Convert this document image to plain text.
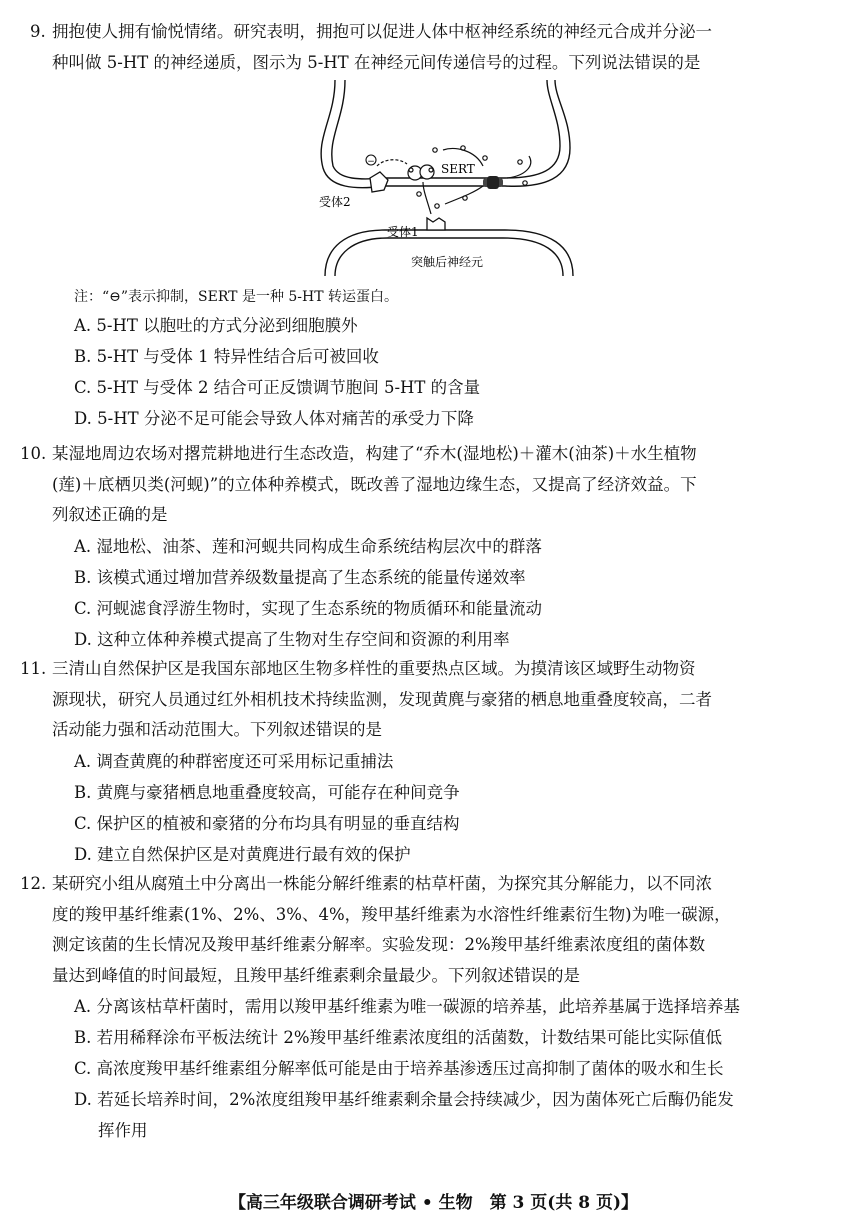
9. 拥抱使人拥有愉悦情绪。研究表明，拥抱可以促进人体中枢神经系统的神经元合成并分泌一
种叫做 5-HT 的神经递质，图示为 5-HT 在神经元间传递信号的过程。下列说法错误的是
−	SERT
受体2
受体1
突触后神经元
注：“⊖”表示抑制，SERT 是一种 5-HT 转运蛋白。
A. 5-HT 以胞吐的方式分泌到细胞膜外
B. 5-HT 与受体 1 特异性结合后可被回收
C. 5-HT 与受体 2 结合可正反馈调节胞间 5-HT 的含量
D. 5-HT 分泌不足可能会导致人体对痛苦的承受力下降
10. 某湿地周边农场对撂荒耕地进行生态改造，构建了“乔木(湿地松)＋灌木(油茶)＋水生植物
(莲)＋底栖贝类(河蚬)”的立体种养模式，既改善了湿地边缘生态，又提高了经济效益。下
列叙述正确的是
A. 湿地松、油茶、莲和河蚬共同构成生命系统结构层次中的群落
B. 该模式通过增加营养级数量提高了生态系统的能量传递效率
C. 河蚬滤食浮游生物时，实现了生态系统的物质循环和能量流动
D. 这种立体种养模式提高了生物对生存空间和资源的利用率
11. 三清山自然保护区是我国东部地区生物多样性的重要热点区域。为摸清该区域野生动物资
源现状，研究人员通过红外相机技术持续监测，发现黄麂与豪猪的栖息地重叠度较高，二者
活动能力强和活动范围大。下列叙述错误的是
A. 调查黄麂的种群密度还可采用标记重捕法
B. 黄麂与豪猪栖息地重叠度较高，可能存在种间竞争
C. 保护区的植被和豪猪的分布均具有明显的垂直结构
D. 建立自然保护区是对黄麂进行最有效的保护
12. 某研究小组从腐殖土中分离出一株能分解纤维素的枯草杆菌，为探究其分解能力，以不同浓
度的羧甲基纤维素(1%、2%、3%、4%，羧甲基纤维素为水溶性纤维素衍生物)为唯一碳源，
测定该菌的生长情况及羧甲基纤维素分解率。实验发现：2%羧甲基纤维素浓度组的菌体数
量达到峰值的时间最短，且羧甲基纤维素剩余量最少。下列叙述错误的是
A. 分离该枯草杆菌时，需用以羧甲基纤维素为唯一碳源的培养基，此培养基属于选择培养基
B. 若用稀释涂布平板法统计 2%羧甲基纤维素浓度组的活菌数，计数结果可能比实际值低
C. 高浓度羧甲基纤维素组分解率低可能是由于培养基渗透压过高抑制了菌体的吸水和生长
D. 若延长培养时间，2%浓度组羧甲基纤维素剩余量会持续减少，因为菌体死亡后酶仍能发
挥作用
【高三年级联合调研考试 • 生物　第 3 页(共 8 页)】
